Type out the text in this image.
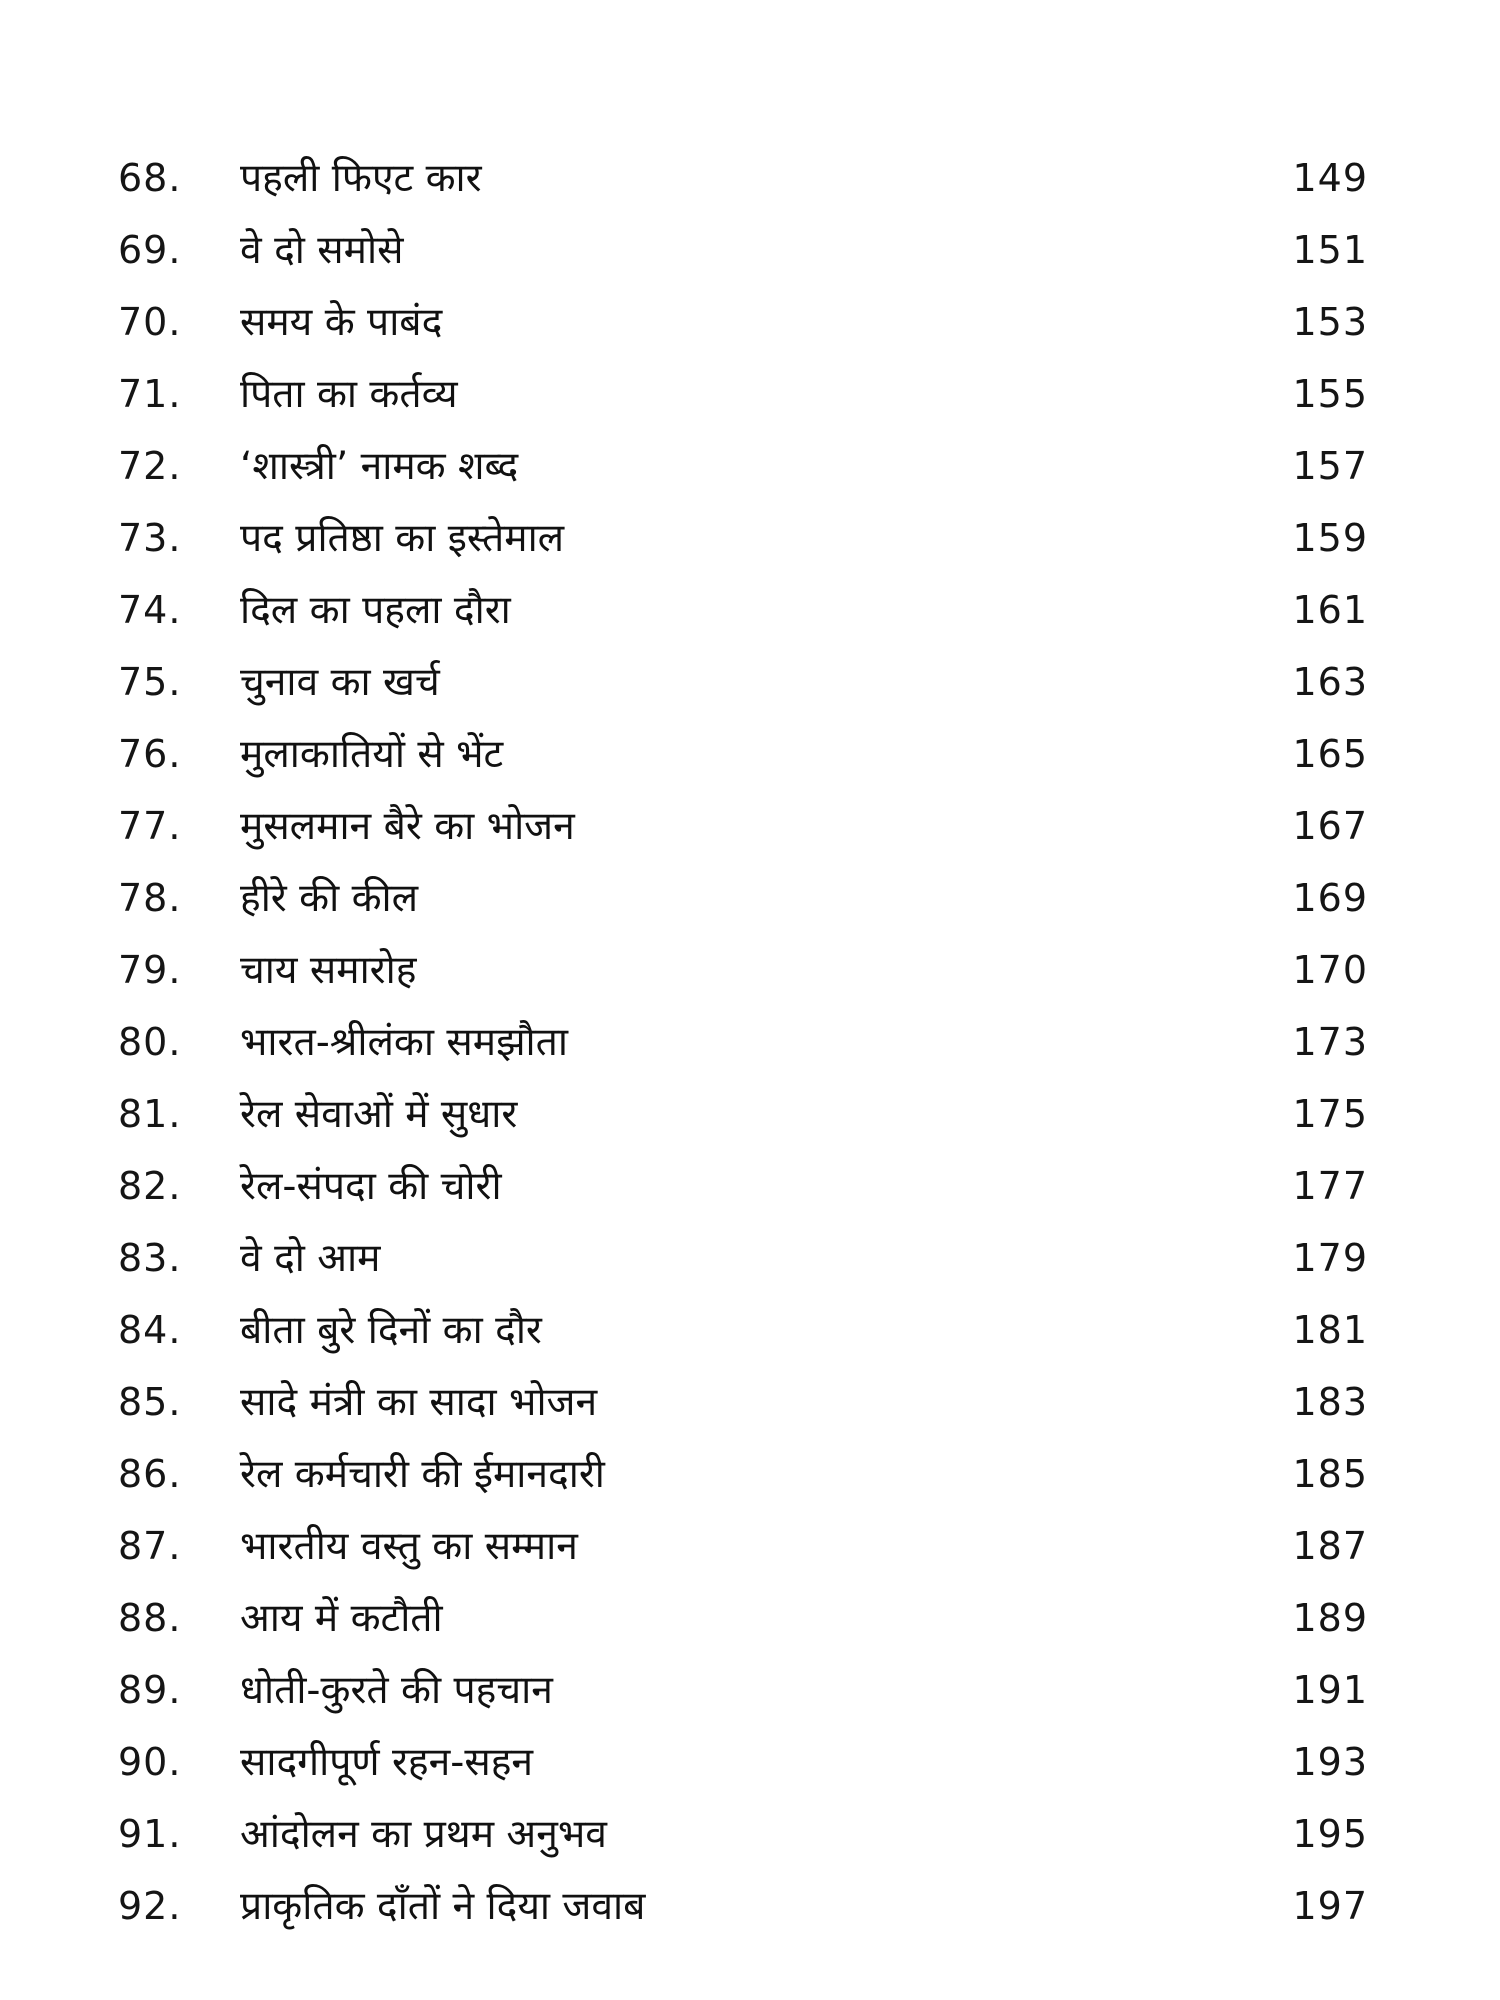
68.	पहली फिएट कार	149
69.	वे दो समोसे	151
70.	समय के पाबंद	153
71.	पिता का कर्तव्य	155
72.	‘शास्त्री’ नामक शब्द	157
73.	पद प्रतिष्ठा का इस्तेमाल	159
74.	दिल का पहला दौरा	161
75.	चुनाव का खर्च	163
76.	मुलाकातियों से भेंट	165
77.	मुसलमान बैरे का भोजन	167
78.	हीरे की कील	169
79.	चाय समारोह	170
80.	भारत-श्रीलंका समझौता	173
81.	रेल सेवाओं में सुधार	175
82.	रेल-संपदा की चोरी	177
83.	वे दो आम	179
84.	बीता बुरे दिनों का दौर	181
85.	सादे मंत्री का सादा भोजन	183
86.	रेल कर्मचारी की ईमानदारी	185
87.	भारतीय वस्तु का सम्मान	187
88.	आय में कटौती	189
89.	धोती-कुरते की पहचान	191
90.	सादगीपूर्ण रहन-सहन	193
91.	आंदोलन का प्रथम अनुभव	195
92.	प्राकृतिक दाँतों ने दिया जवाब	197
